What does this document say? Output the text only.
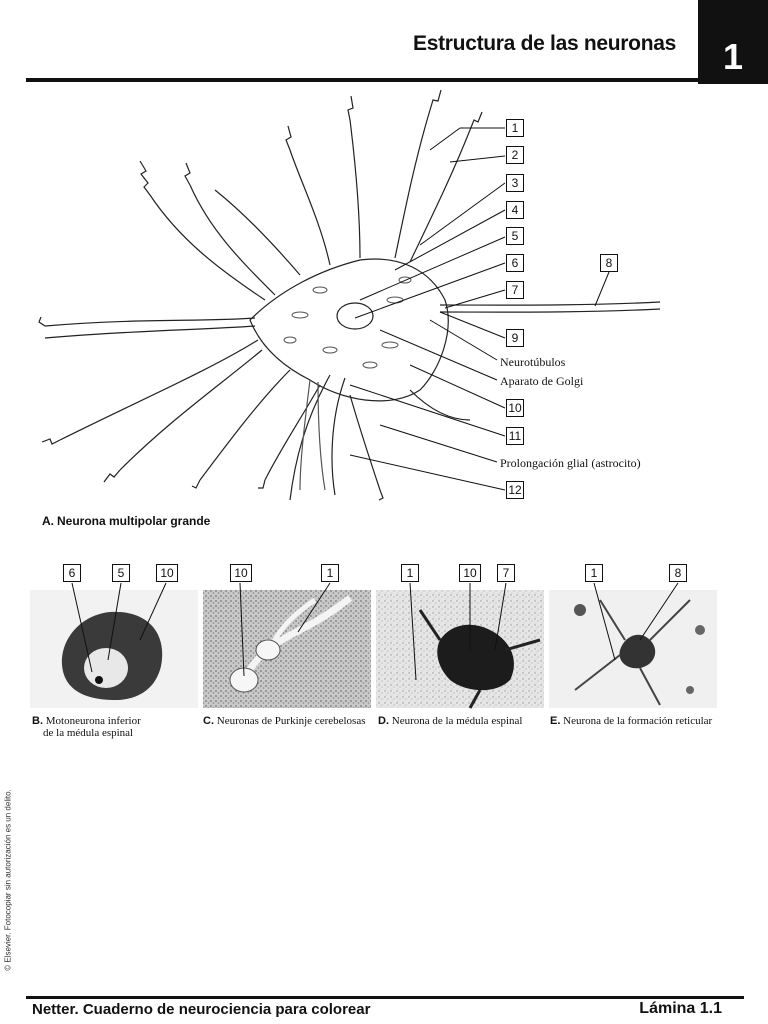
Estructura de las neuronas 1
1
2
3
4
5
6
7
8
9
10
11
12
Neurotúbulos
Aparato de Golgi
Prolongación glial (astrocito)
A. Neurona multipolar grande
6	5	10	10	1	1	10	7	1	8
B. Motoneurona inferior
de la médula espinal
C. Neuronas de Purkinje cerebelosas	D. Neurona de la médula espinal	E. Neurona de la formación reticular
© Elsevier. Fotocopiar sin autorización es un delito.
Netter. Cuaderno de neurociencia para colorear	Lámina 1.1
